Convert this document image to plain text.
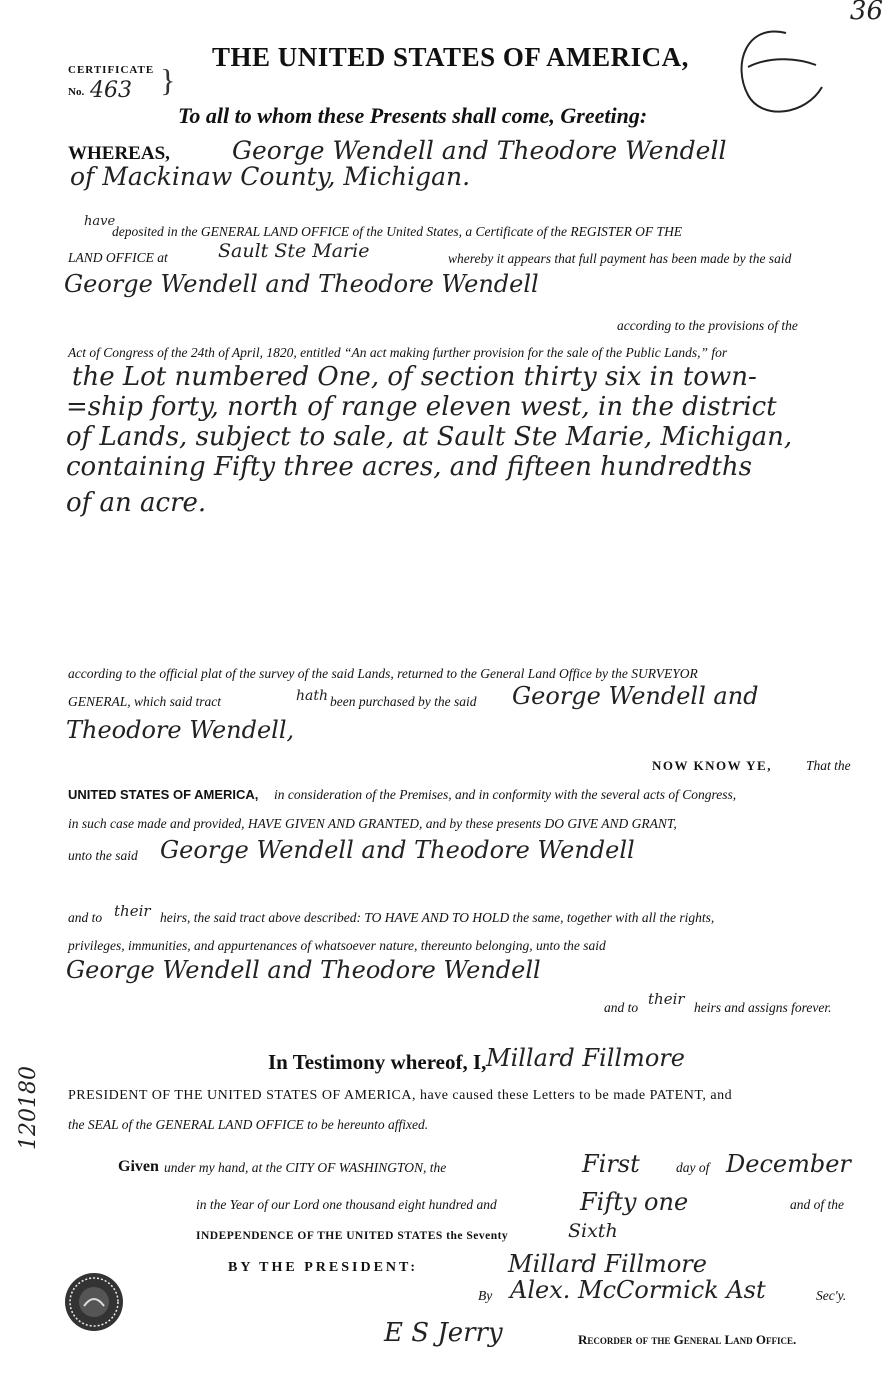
36
THE UNITED STATES OF AMERICA,
CERTIFICATE
No. 463 }
To all to whom these Presents shall come, Greeting:
WHEREAS, George Wendell and Theodore Wendell
of Mackinaw County, Michigan.
have
deposited in the GENERAL LAND OFFICE of the United States, a Certificate of the REGISTER OF THE
LAND OFFICE at	Sault Ste Marie	whereby it appears that full payment has been made by the said
George Wendell and Theodore Wendell
according to the provisions of the
Act of Congress of the 24th of April, 1820, entitled “An act making further provision for the sale of the Public Lands,” for
the Lot numbered One, of section thirty six in town-
=ship forty, north of range eleven west, in the district
of Lands, subject to sale, at Sault Ste Marie, Michigan,
containing Fifty three acres, and fifteen hundredths
of an acre.
according to the official plat of the survey of the said Lands, returned to the General Land Office by the SURVEYOR
GENERAL, which said tract	hath been purchased by the said George Wendell and
Theodore Wendell,
NOW KNOW YE,	That the
UNITED STATES OF AMERICA, in consideration of the Premises, and in conformity with the several acts of Congress,
in such case made and provided, HAVE GIVEN AND GRANTED, and by these presents DO GIVE AND GRANT,
unto the said George Wendell and Theodore Wendell
and to their heirs, the said tract above described: TO HAVE AND TO HOLD the same, together with all the rights,
privileges, immunities, and appurtenances of whatsoever nature, thereunto belonging, unto the said
George Wendell and Theodore Wendell
and to their heirs and assigns forever.
In Testimony whereof, I, Millard Fillmore
PRESIDENT OF THE UNITED STATES OF AMERICA, have caused these Letters to be made PATENT, and
the SEAL of the GENERAL LAND OFFICE to be hereunto affixed.
Given under my hand, at the CITY OF WASHINGTON, the	First	day of December
in the Year of our Lord one thousand eight hundred and	Fifty one	and of the
INDEPENDENCE OF THE UNITED STATES the Seventy	Sixth
BY THE PRESIDENT:	Millard Fillmore
By Alex. McCormick Ast	Sec'y.
E S Jerry	Recorder of the General Land Office.
120180
